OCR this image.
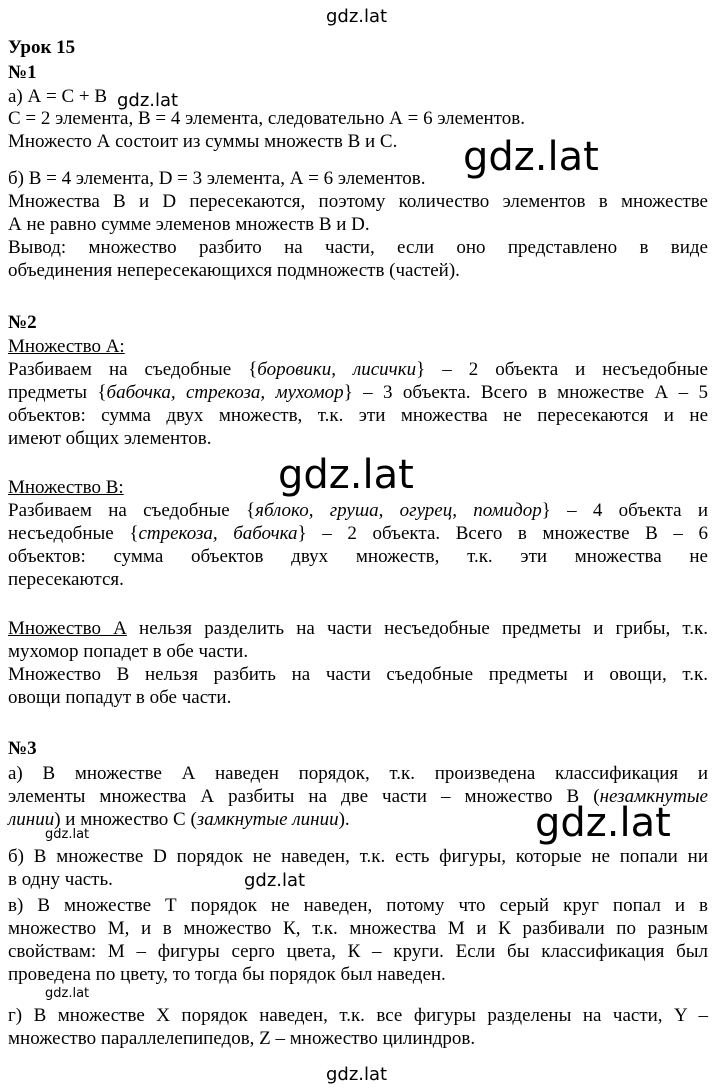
Урок 15
№1
а) А = С + В
С = 2 элемента, В = 4 элемента, следовательно А = 6 элементов.
Множесто А состоит из суммы множеств В и С.
б) В = 4 элемента, D = 3 элемента, А = 6 элементов.
Множества В и D пересекаются, поэтому количество элементов в множестве
А не равно сумме элеменов множеств В и D.
Вывод: множество разбито на части, если оно представлено в виде
объединения непересекающихся подмножеств (частей).
№2
Множество А:
Разбиваем на съедобные {боровики, лисички} – 2 объекта и несъедобные
предметы {бабочка, стрекоза, мухомор} – 3 объекта. Всего в множестве А – 5
объектов: сумма двух множеств, т.к. эти множества не пересекаются и не
имеют общих элементов.
Множество В:
Разбиваем на съедобные {яблоко, груша, огурец, помидор} – 4 объекта и
несъедобные {стрекоза, бабочка} – 2 объекта. Всего в множестве В – 6
объектов: сумма объектов двух множеств, т.к. эти множества не
пересекаются.
Множество А нельзя разделить на части несъедобные предметы и грибы, т.к.
мухомор попадет в обе части.
Множество В нельзя разбить на части съедобные предметы и овощи, т.к.
овощи попадут в обе части.
№3
а) В множестве А наведен порядок, т.к. произведена классификация и
элементы множества А разбиты на две части – множество В (незамкнутые
линии) и множество С (замкнутые линии).
б) В множестве D порядок не наведен, т.к. есть фигуры, которые не попали ни
в одну часть.
в) В множестве Т порядок не наведен, потому что серый круг попал и в
множество М, и в множество К, т.к. множества М и К разбивали по разным
свойствам: М – фигуры серго цвета, К – круги. Если бы классификация был
проведена по цвету, то тогда бы порядок был наведен.
г) В множестве Х порядок наведен, т.к. все фигуры разделены на части, Y –
множество параллелепипедов, Z – множество цилиндров.
gdz.lat
gdz.lat
gdz.lat
gdz.lat
gdz.lat
gdz.lat
gdz.lat
gdz.lat
gdz.lat
